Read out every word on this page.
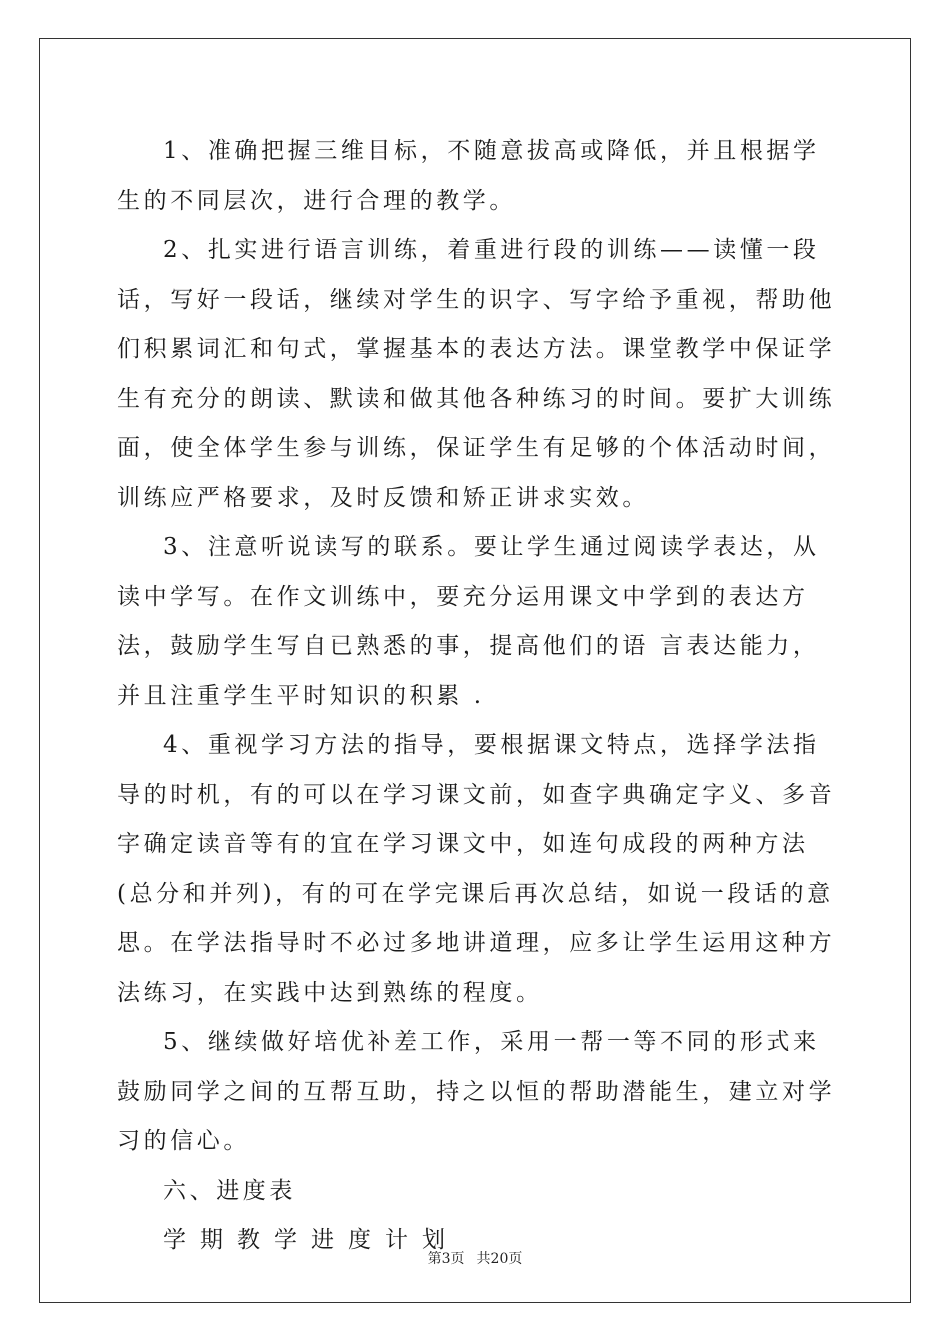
1、准确把握三维目标，不随意拔高或降低，并且根据学生的不同层次，进行合理的教学。

2、扎实进行语言训练，着重进行段的训练——读懂一段话，写好一段话，继续对学生的识字、写字给予重视，帮助他们积累词汇和句式，掌握基本的表达方法。课堂教学中保证学生有充分的朗读、默读和做其他各种练习的时间。要扩大训练面，使全体学生参与训练，保证学生有足够的个体活动时间，训练应严格要求，及时反馈和矫正讲求实效。

3、注意听说读写的联系。要让学生通过阅读学表达，从读中学写。在作文训练中，要充分运用课文中学到的表达方法，鼓励学生写自已熟悉的事，提高他们的语 言表达能力，并且注重学生平时知识的积累 .

4、重视学习方法的指导，要根据课文特点，选择学法指导的时机，有的可以在学习课文前，如查字典确定字义、多音字确定读音等有的宜在学习课文中，如连句成段的两种方法(总分和并列)，有的可在学完课后再次总结，如说一段话的意思。在学法指导时不必过多地讲道理，应多让学生运用这种方法练习，在实践中达到熟练的程度。

5、继续做好培优补差工作，采用一帮一等不同的形式来鼓励同学之间的互帮互助，持之以恒的帮助潜能生，建立对学习的信心。

六、进度表

学期教学进度计划

第3页 共20页
